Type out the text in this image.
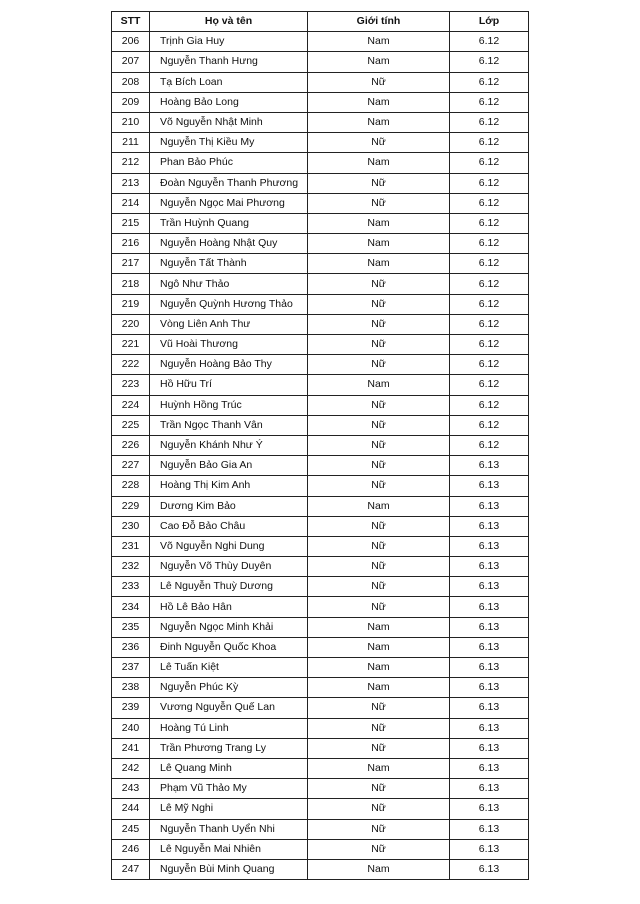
STT	Họ và tên	Giới tính	Lớp
206	Trịnh Gia Huy	Nam	6.12
207	Nguyễn Thanh Hưng	Nam	6.12
208	Tạ Bích Loan	Nữ	6.12
209	Hoàng Bảo Long	Nam	6.12
210	Võ Nguyễn Nhật Minh	Nam	6.12
211	Nguyễn Thị Kiều My	Nữ	6.12
212	Phan Bảo Phúc	Nam	6.12
213	Đoàn Nguyễn Thanh Phương	Nữ	6.12
214	Nguyễn Ngọc Mai Phương	Nữ	6.12
215	Trần Huỳnh Quang	Nam	6.12
216	Nguyễn Hoàng Nhật Quy	Nam	6.12
217	Nguyễn Tất Thành	Nam	6.12
218	Ngô Như Thảo	Nữ	6.12
219	Nguyễn Quỳnh Hương Thảo	Nữ	6.12
220	Vòng Liên Anh Thư	Nữ	6.12
221	Vũ Hoài Thương	Nữ	6.12
222	Nguyễn Hoàng Bảo Thy	Nữ	6.12
223	Hồ Hữu Trí	Nam	6.12
224	Huỳnh Hồng Trúc	Nữ	6.12
225	Trần Ngọc Thanh Vân	Nữ	6.12
226	Nguyễn Khánh Như Ý	Nữ	6.12
227	Nguyễn Bảo Gia An	Nữ	6.13
228	Hoàng Thị Kim Anh	Nữ	6.13
229	Dương Kim Bảo	Nam	6.13
230	Cao Đỗ Bảo Châu	Nữ	6.13
231	Võ Nguyễn Nghi Dung	Nữ	6.13
232	Nguyễn Võ Thùy Duyên	Nữ	6.13
233	Lê Nguyễn Thuỳ Dương	Nữ	6.13
234	Hồ Lê Bảo Hân	Nữ	6.13
235	Nguyễn Ngọc Minh Khải	Nam	6.13
236	Đinh Nguyễn Quốc Khoa	Nam	6.13
237	Lê Tuấn Kiệt	Nam	6.13
238	Nguyễn Phúc Kỳ	Nam	6.13
239	Vương Nguyễn Quế Lan	Nữ	6.13
240	Hoàng Tú Linh	Nữ	6.13
241	Trần Phương Trang Ly	Nữ	6.13
242	Lê Quang Minh	Nam	6.13
243	Phạm Vũ Thảo My	Nữ	6.13
244	Lê Mỹ Nghi	Nữ	6.13
245	Nguyễn Thanh Uyển Nhi	Nữ	6.13
246	Lê Nguyễn Mai Nhiên	Nữ	6.13
247	Nguyễn Bùi Minh Quang	Nam	6.13
